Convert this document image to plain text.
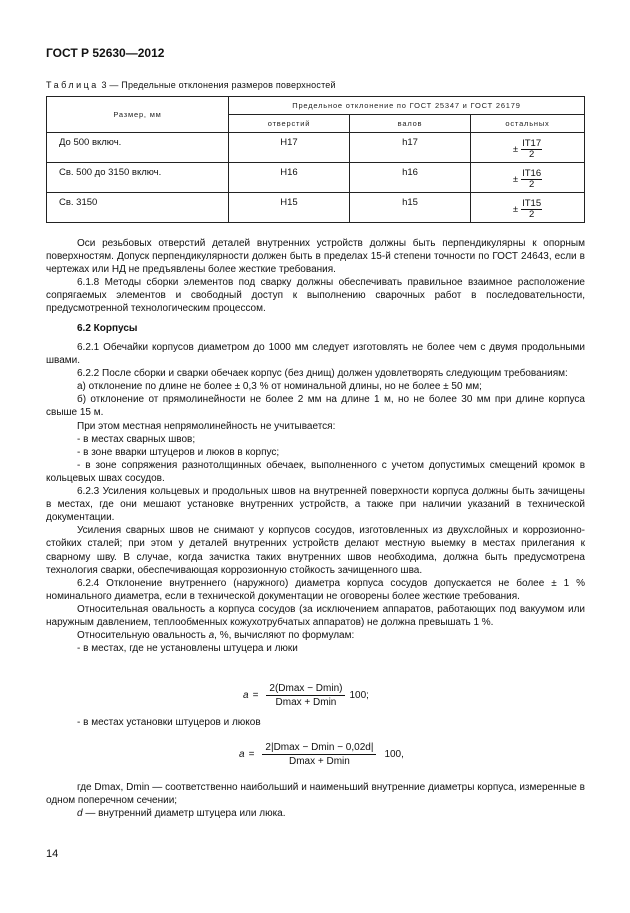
ГОСТ Р 52630—2012
Таблица 3 — Предельные отклонения размеров поверхностей
Размер, мм	Предельное отклонение по ГОСТ 25347 и ГОСТ 26179		
	отверстий	валов	остальных
До 500 включ.	H17	h17	± $\frac{IT17}{2}$

Св. 500 до 3150 включ.	H16	h16	± $\frac{IT16}{2}$

Св. 3150	H15	h15	± $\frac{IT15}{2}$

Оси резьбовых отверстий деталей внутренних устройств должны быть перпендикулярны к опорным поверхностям. Допуск перпендикулярности должен быть в пределах 15-й степени точности по ГОСТ 24643, если в чертежах или НД не предъявлены более жесткие требования.

6.1.8 Методы сборки элементов под сварку должны обеспечивать правильное взаимное расположение сопрягаемых элементов и свободный доступ к выполнению сварочных работ в последовательности, предусмотренной технологическим процессом.

6.2 Корпусы

6.2.1 Обечайки корпусов диаметром до 1000 мм следует изготовлять не более чем с двумя продольными швами.

6.2.2 После сборки и сварки обечаек корпус (без днищ) должен удовлетворять следующим требованиям:

а) отклонение по длине не более ± 0,3 % от номинальной длины, но не более ± 50 мм;

б) отклонение от прямолинейности не более 2 мм на длине 1 м, но не более 30 мм при длине корпуса свыше 15 м.

При этом местная непрямолинейность не учитывается:

- в местах сварных швов;

- в зоне вварки штуцеров и люков в корпус;

- в зоне сопряжения разнотолщинных обечаек, выполненного с учетом допустимых смещений кромок в кольцевых швах сосудов.

6.2.3 Усиления кольцевых и продольных швов на внутренней поверхности корпуса должны быть зачищены в местах, где они мешают установке внутренних устройств, а также при наличии указаний в технической документации.

Усиления сварных швов не снимают у корпусов сосудов, изготовленных из двухслойных и коррозионно-стойких сталей; при этом у деталей внутренних устройств делают местную выемку в местах прилегания к сварному шву. В случае, когда зачистка таких внутренних швов необходима, должна быть предусмотрена технология сварки, обеспечивающая коррозионную стойкость зачищенного шва.

6.2.4 Отклонение внутреннего (наружного) диаметра корпуса сосудов допускается не более ± 1 % номинального диаметра, если в технической документации не оговорены более жесткие требования.

Относительная овальность а корпуса сосудов (за исключением аппаратов, работающих под вакуумом или наружным давлением, теплообменных кожухотрубчатых аппаратов) не должна превышать 1 %.

Относительную овальность a, %, вычисляют по формулам:

- в местах, где не установлены штуцера и люки

$a = \frac{2(Dmax - Dmin)}{Dmax + Dmin} 100$;

- в местах установки штуцеров и люков

$a = \frac{2|Dmax - Dmin - 0,02d|}{Dmax + Dmin} 100$,

где Dmax, Dmin — соответственно наибольший и наименьший внутренние диаметры корпуса, измеренные в одном поперечном сечении;

d — внутренний диаметр штуцера или люка.

14
